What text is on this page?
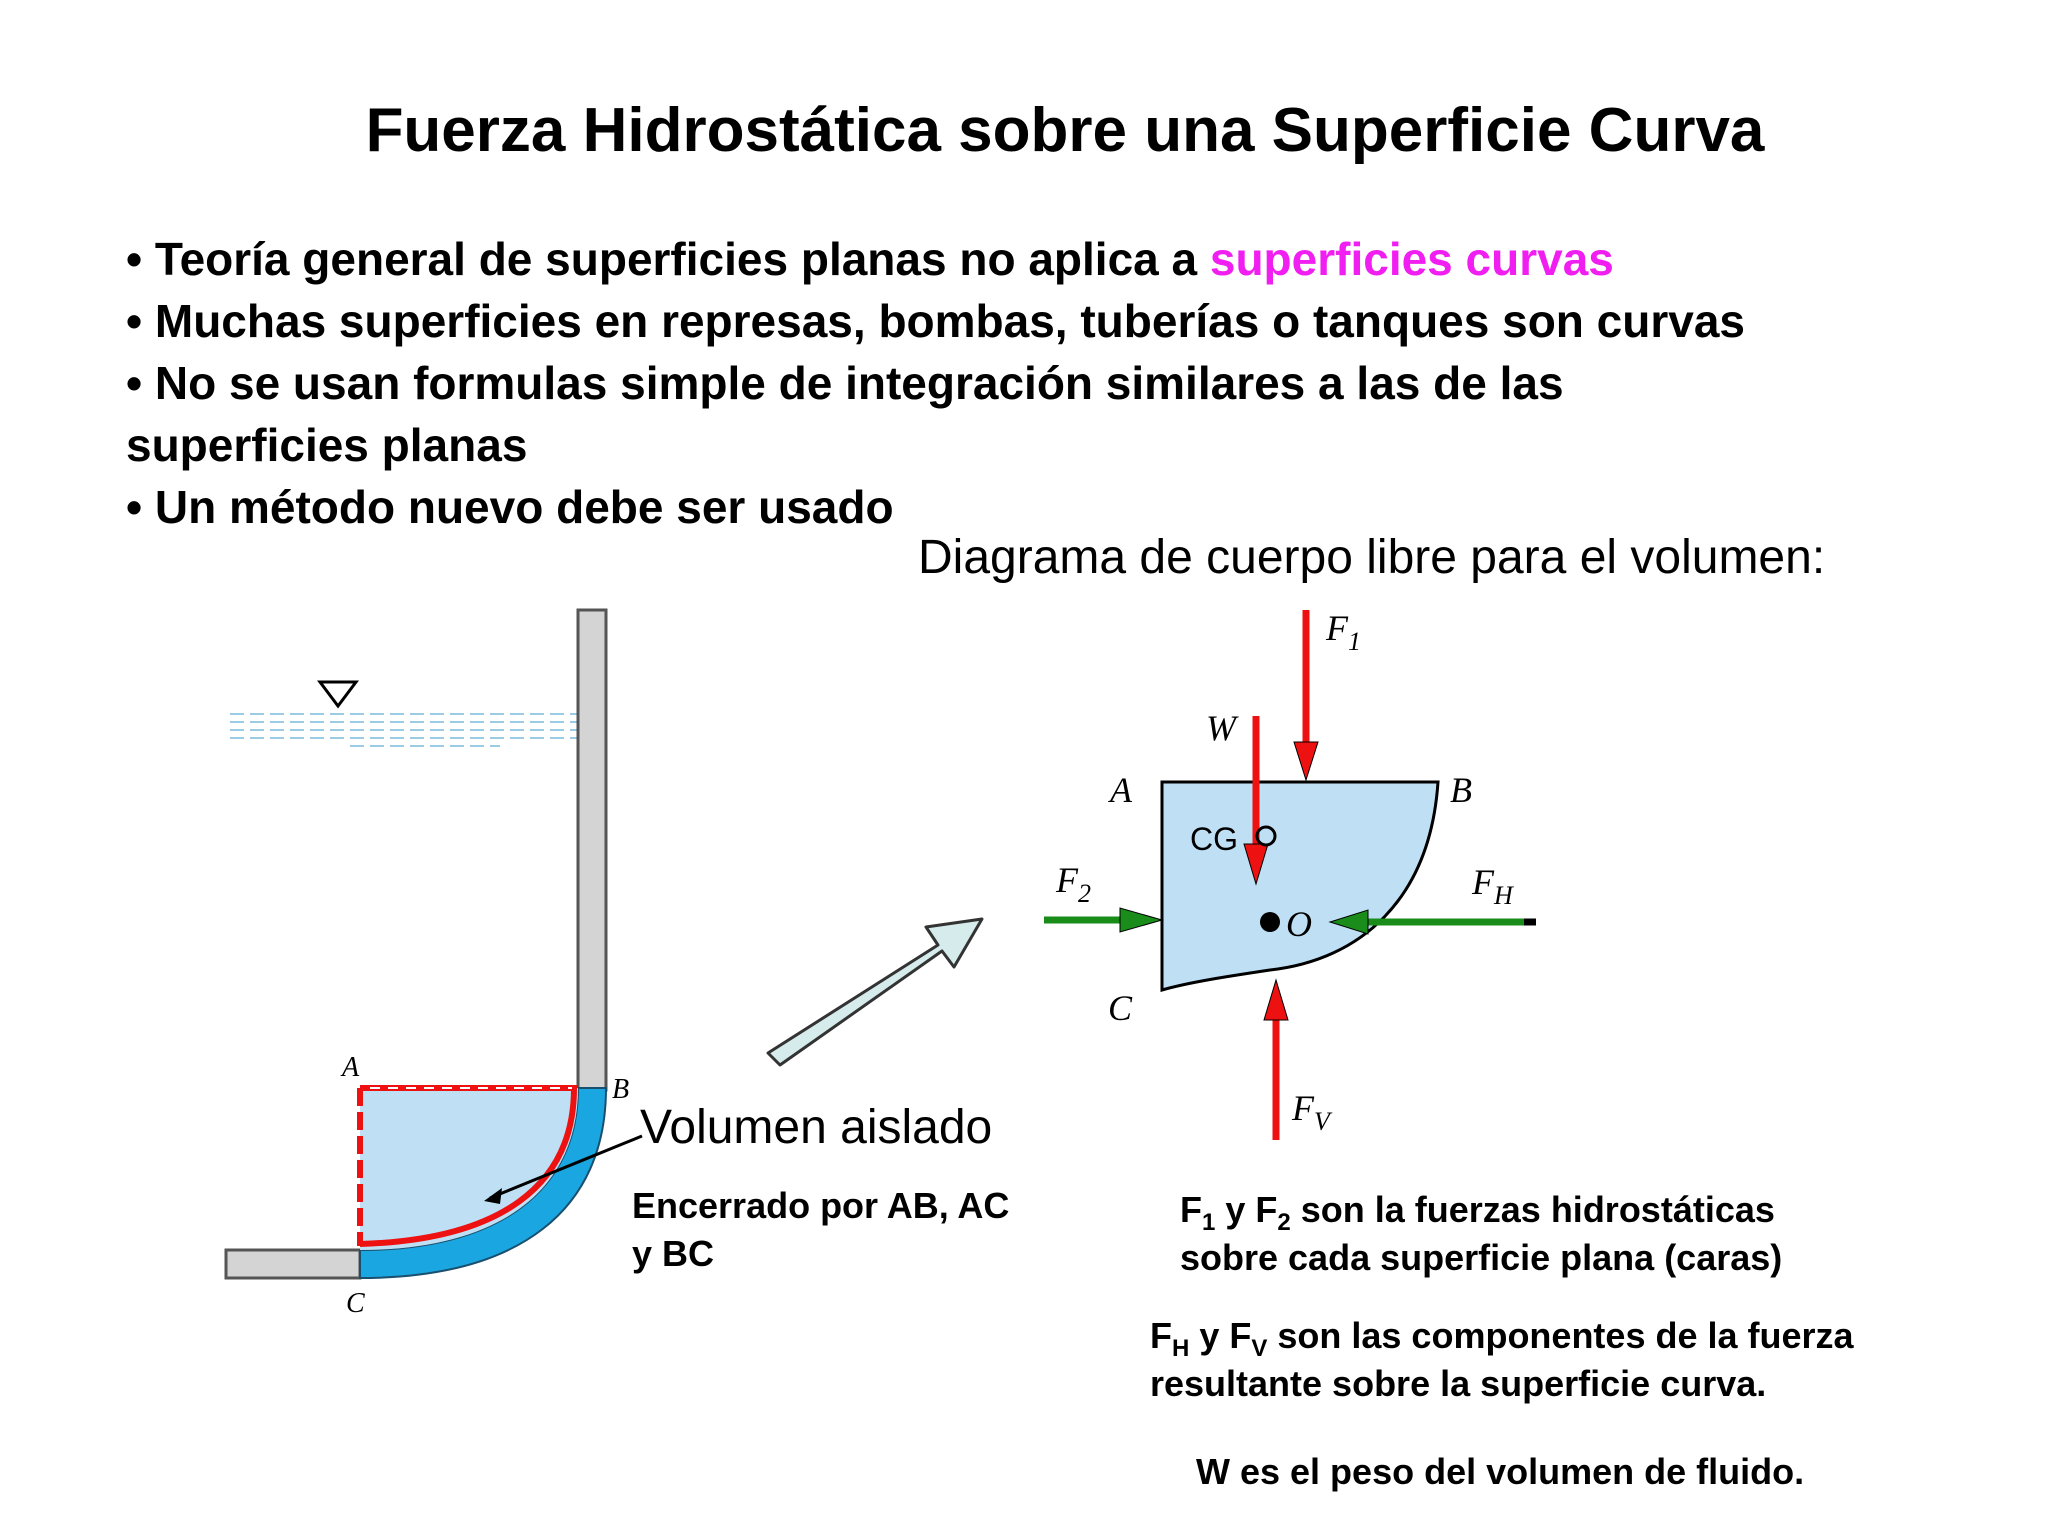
Fuerza Hidrostática sobre una Superficie Curva
• Teoría general de superficies planas no aplica a superficies curvas
• Muchas superficies en represas, bombas, tuberías o tanques son curvas
• No se usan formulas simple de integración similares a las de las
superficies planas
• Un método nuevo debe ser usado
Diagrama de cuerpo libre para el volumen:
A
B
C
Volumen aislado
Encerrado por AB, AC
y BC
A	B
C
O
CG
W
$F_1$
$F_2$	$F_H$
$F_V$
$F_1$ y $F_2$ son la fuerzas hidrostáticas
sobre cada superficie plana (caras)
$F_H$ y $F_V$ son las componentes de la fuerza
resultante sobre la superficie curva.
W es el peso del volumen de fluido.
